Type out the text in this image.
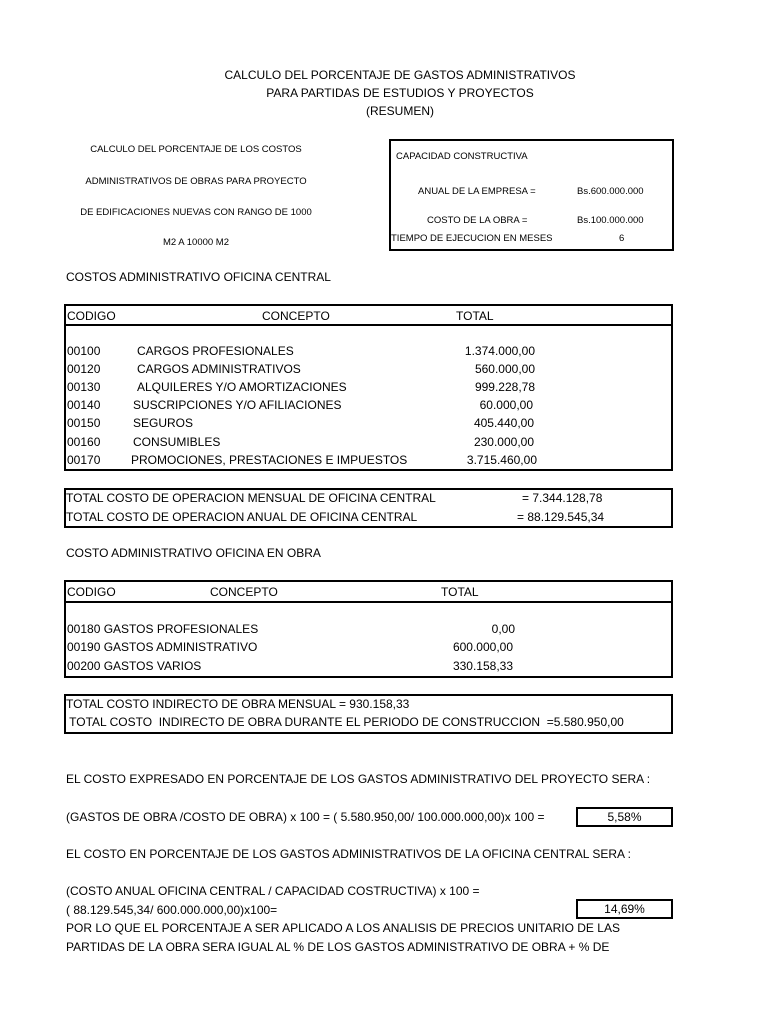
CALCULO DEL PORCENTAJE DE GASTOS ADMINISTRATIVOS
PARA PARTIDAS DE ESTUDIOS Y PROYECTOS
(RESUMEN)
CALCULO DEL PORCENTAJE DE LOS COSTOS
ADMINISTRATIVOS DE OBRAS PARA PROYECTO
DE EDIFICACIONES NUEVAS CON RANGO DE 1000
M2 A 10000 M2
CAPACIDAD CONSTRUCTIVA
ANUAL DE LA EMPRESA =	Bs.600.000.000
COSTO DE LA OBRA =	Bs.100.000.000
TIEMPO DE EJECUCION EN MESES	6
COSTOS ADMINISTRATIVO OFICINA CENTRAL
CODIGO	CONCEPTO	TOTAL
00100	CARGOS PROFESIONALES	1.374.000,00
00120	CARGOS ADMINISTRATIVOS	560.000,00
00130	ALQUILERES Y/O AMORTIZACIONES	999.228,78
00140	SUSCRIPCIONES Y/O AFILIACIONES	60.000,00
00150	SEGUROS	405.440,00
00160	CONSUMIBLES	230.000,00
00170	PROMOCIONES, PRESTACIONES E IMPUESTOS	3.715.460,00
TOTAL COSTO DE OPERACION MENSUAL DE OFICINA CENTRAL	= 7.344.128,78
TOTAL COSTO DE OPERACION ANUAL DE OFICINA CENTRAL	= 88.129.545,34
COSTO ADMINISTRATIVO OFICINA EN OBRA
CODIGO	CONCEPTO	TOTAL
00180 GASTOS PROFESIONALES	0,00
00190 GASTOS ADMINISTRATIVO	600.000,00
00200 GASTOS VARIOS	330.158,33
TOTAL COSTO INDIRECTO DE OBRA MENSUAL = 930.158,33
TOTAL COSTO  INDIRECTO DE OBRA DURANTE EL PERIODO DE CONSTRUCCION  =5.580.950,00
EL COSTO EXPRESADO EN PORCENTAJE DE LOS GASTOS ADMINISTRATIVO DEL PROYECTO SERA :
(GASTOS DE OBRA /COSTO DE OBRA) x 100 = ( 5.580.950,00/ 100.000.000,00)x 100 =	5,58%
EL COSTO EN PORCENTAJE DE LOS GASTOS ADMINISTRATIVOS DE LA OFICINA CENTRAL SERA :
(COSTO ANUAL OFICINA CENTRAL / CAPACIDAD COSTRUCTIVA) x 100 =
( 88.129.545,34/ 600.000.000,00)x100=	14,69%
POR LO QUE EL PORCENTAJE A SER APLICADO A LOS ANALISIS DE PRECIOS UNITARIO DE LAS
PARTIDAS DE LA OBRA SERA IGUAL AL % DE LOS GASTOS ADMINISTRATIVO DE OBRA + % DE
